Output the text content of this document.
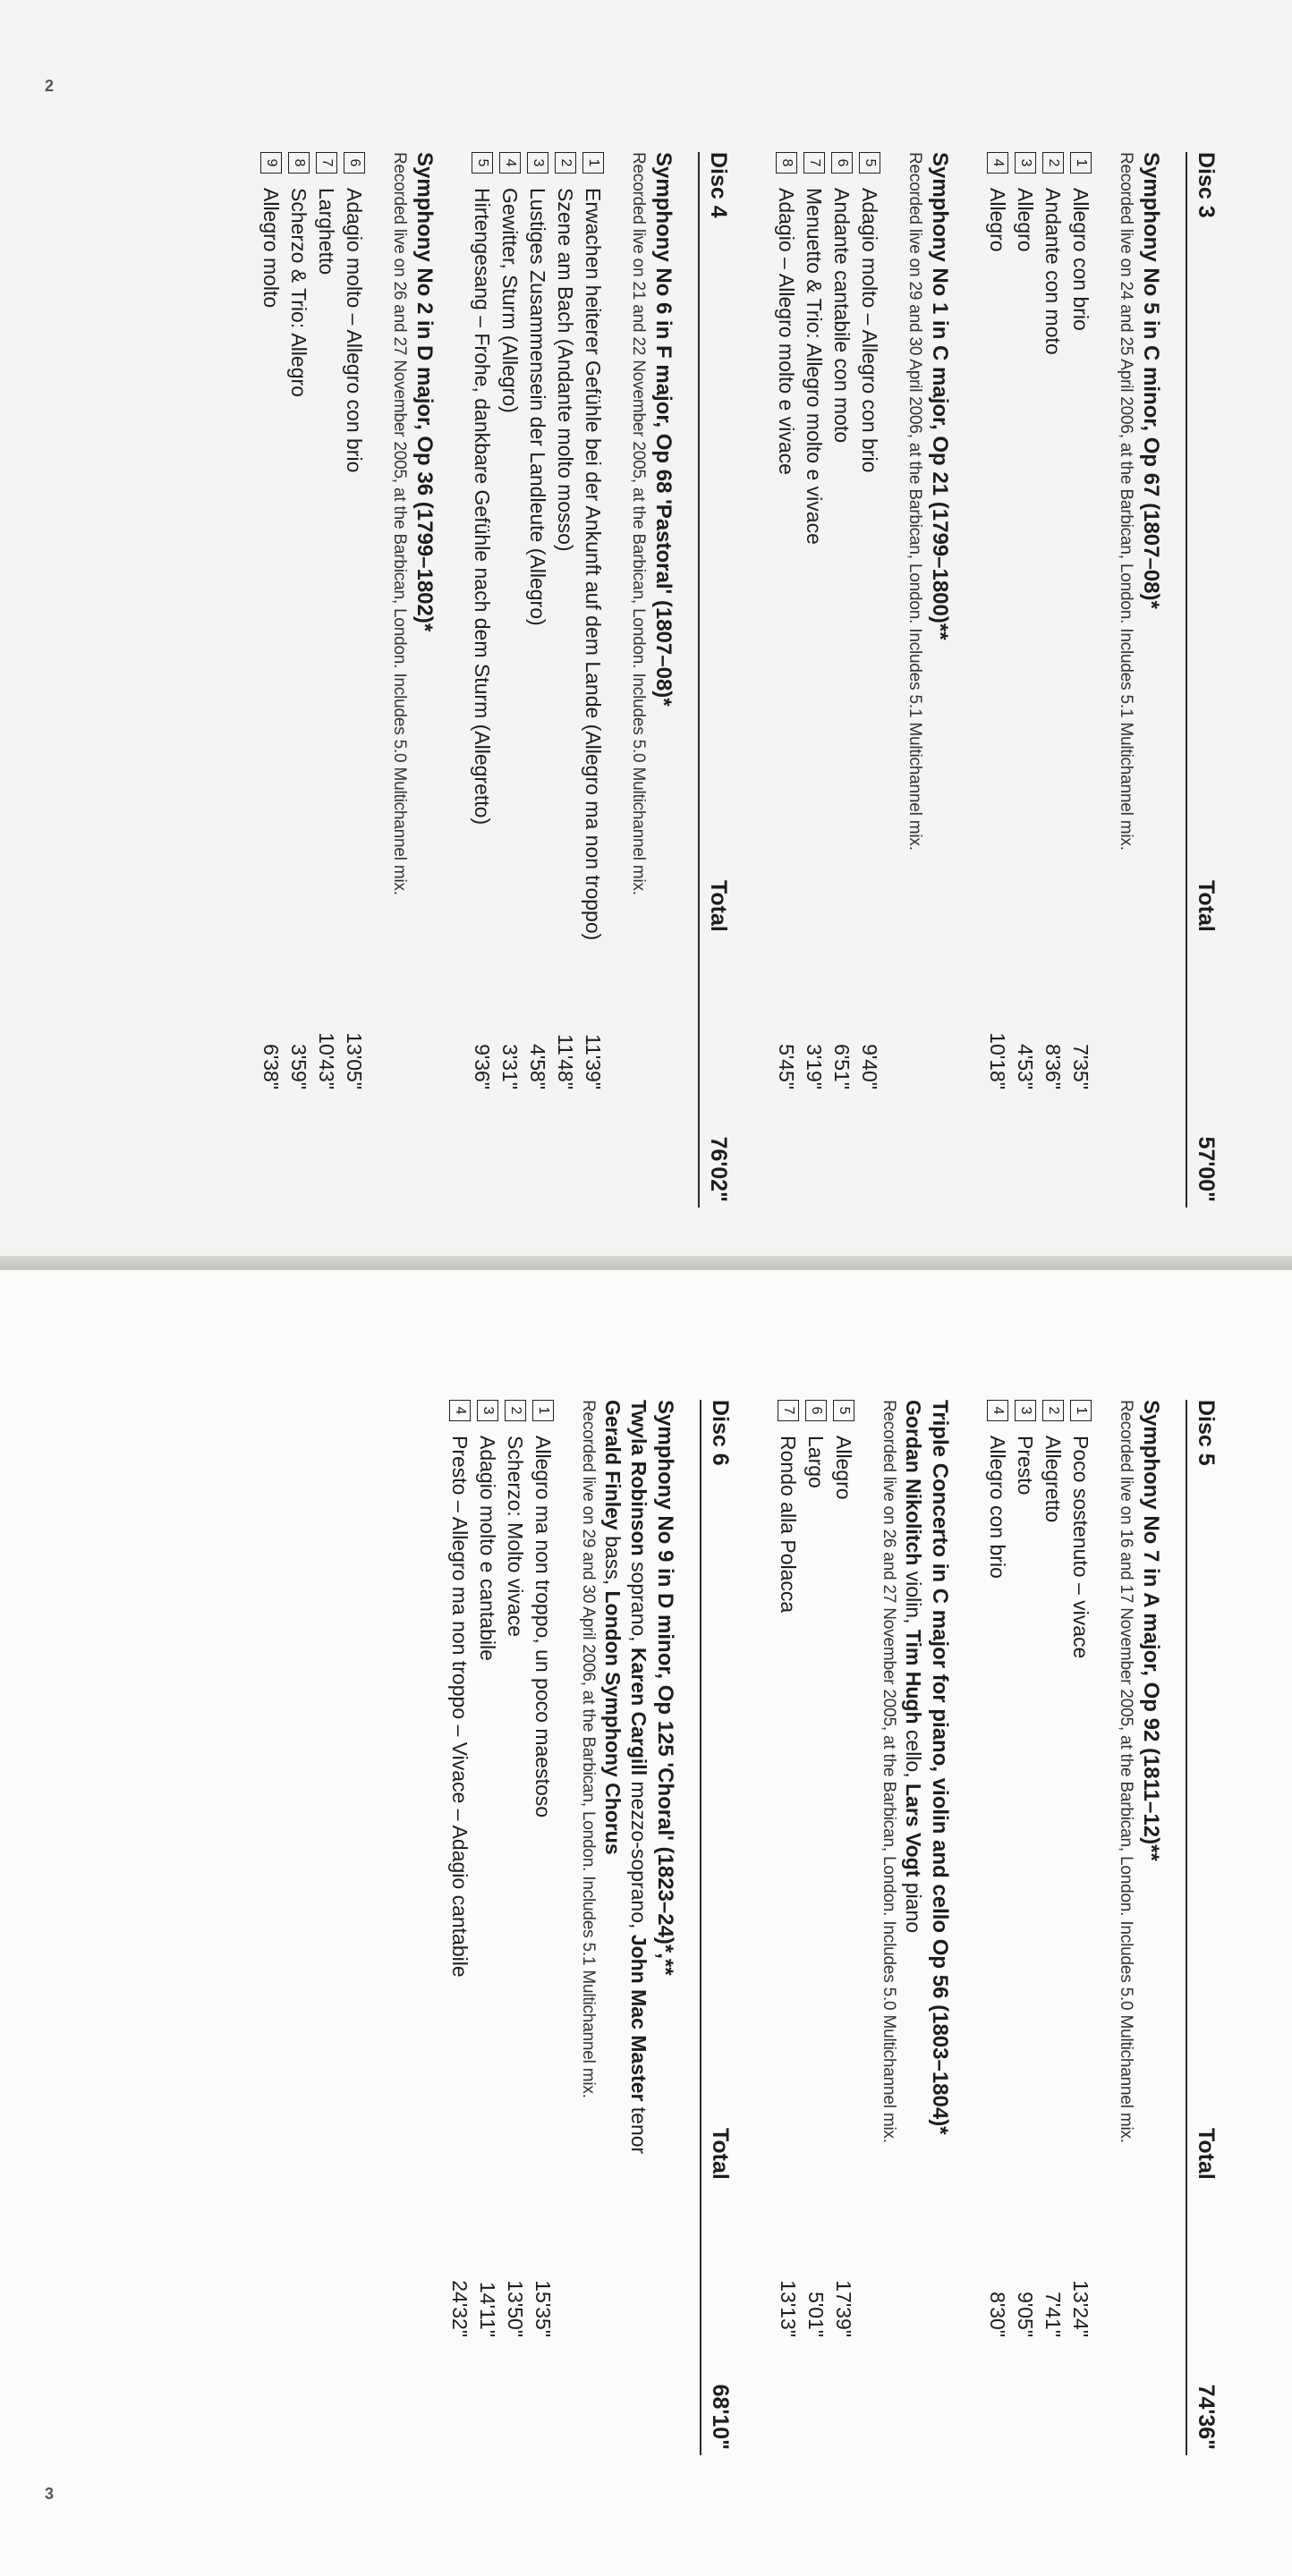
2
Disc 3
Total
57'00"
Symphony No 5 in C minor, Op 67 (1807–08)*
Recorded live on 24 and 25 April 2006, at the Barbican, London. Includes 5.1 Multichannel mix.
1
Allegro con brio
7'35"
2
Andante con moto
8'36"
3
Allegro
4'53"
4
Allegro
10'18"
Symphony No 1 in C major, Op 21 (1799–1800)**
Recorded live on 29 and 30 April 2006, at the Barbican, London. Includes 5.1 Multichannel mix.
5
Adagio molto – Allegro con brio
9'40"
6
Andante cantabile con moto
6'51"
7
Menuetto & Trio: Allegro molto e vivace
3'19"
8
Adagio – Allegro molto e vivace
5'45"
Disc 4
Total
76'02"
Symphony No 6 in F major, Op 68 'Pastoral' (1807–08)*
Recorded live on 21 and 22 November 2005, at the Barbican, London. Includes 5.0 Multichannel mix.
1
Erwachen heiterer Gefühle bei der Ankunft auf dem Lande (Allegro ma non troppo)
11'39"
2
Szene am Bach (Andante molto mosso)
11'48"
3
Lustiges Zusammensein der Landleute (Allegro)
4'58"
4
Gewitter, Sturm (Allegro)
3'31"
5
Hirtengesang – Frohe, dankbare Gefühle nach dem Sturm (Allegretto)
9'36"
Symphony No 2 in D major, Op 36 (1799–1802)*
Recorded live on 26 and 27 November 2005, at the Barbican, London. Includes 5.0 Multichannel mix.
6
Adagio molto – Allegro con brio
13'05"
7
Larghetto
10'43"
8
Scherzo & Trio: Allegro
3'59"
9
Allegro molto
6'38"
3
Disc 5
Total
74'36"
Symphony No 7 in A major, Op 92 (1811–12)**
Recorded live on 16 and 17 November 2005, at the Barbican, London. Includes 5.0 Multichannel mix.
1
Poco sostenuto – vivace
13'24"
2
Allegretto
7'41"
3
Presto
9'05"
4
Allegro con brio
8'30"
Triple Concerto in C major for piano, violin and cello Op 56 (1803–1804)*
Gordan Nikolitch violin, Tim Hugh cello, Lars Vogt piano
Recorded live on 26 and 27 November 2005, at the Barbican, London. Includes 5.0 Multichannel mix.
5
Allegro
17'39"
6
Largo
5'01"
7
Rondo alla Polacca
13'13"
Disc 6
Total
68'10"
Symphony No 9 in D minor, Op 125 'Choral' (1823–24)*,**
Twyla Robinson soprano, Karen Cargill mezzo-soprano, John Mac Master tenor
Gerald Finley bass, London Symphony Chorus
Recorded live on 29 and 30 April 2006, at the Barbican, London. Includes 5.1 Multichannel mix.
1
Allegro ma non troppo, un poco maestoso
15'35"
2
Scherzo: Molto vivace
13'50"
3
Adagio molto e cantabile
14'11"
4
Presto – Allegro ma non troppo – Vivace – Adagio cantabile
24'32"
